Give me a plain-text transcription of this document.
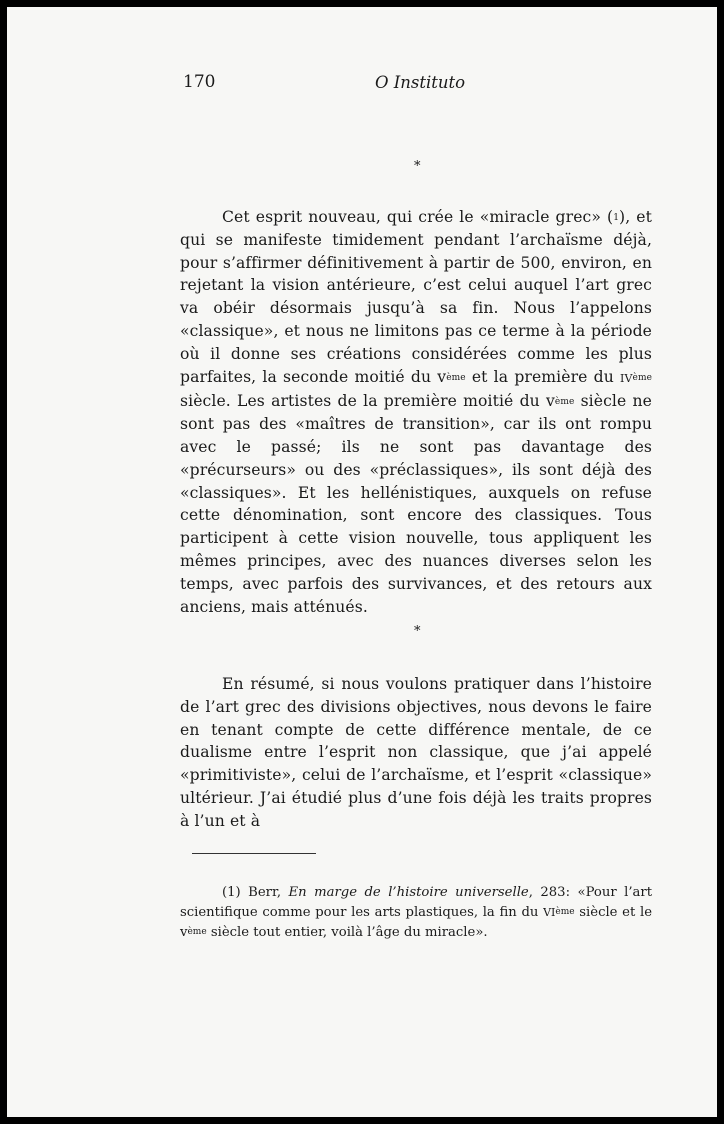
170	O Instituto
*

Cet esprit nouveau, qui crée le «miracle grec» ($^1$), et qui se manifeste timidement pendant l’archaïsme déjà, pour s’affirmer définitivement à partir de 500, environ, en rejetant la vision antérieure, c’est celui auquel l’art grec va obéir désormais jusqu’à sa fin. Nous l’appelons «classique», et nous ne limitons pas ce terme à la période où il donne ses créations considérées comme les plus parfaites, la seconde moitié du $v^{ème}$ et la première du IVème siècle. Les artistes de la première moitié du $v^{ème}$ siècle ne sont pas des «maîtres de transition», car ils ont rompu avec le passé; ils ne sont pas davantage des «précurseurs» ou des «préclassiques», ils sont déjà des «classiques». Et les hellénistiques, auxquels on refuse cette dénomination, sont encore des classiques. Tous participent à cette vision nouvelle, tous appliquent les mêmes principes, avec des nuances diverses selon les temps, avec parfois des survivances, et des retours aux anciens, mais atténués.

*

En résumé, si nous voulons pratiquer dans l’histoire de l’art grec des divisions objectives, nous devons le faire en tenant compte de cette différence mentale, de ce dualisme entre l’esprit non classique, que j’ai appelé «primitiviste», celui de l’archaïsme, et l’esprit «classique» ultérieur. J’ai étudié plus d’une fois déjà les traits propres à l’un et à

(1) Berr, En marge de l’histoire universelle, 283: «Pour l’art scientifique comme pour les arts plastiques, la fin du VIème siècle et le $v^{ème}$ siècle tout entier, voilà l’âge du miracle».
